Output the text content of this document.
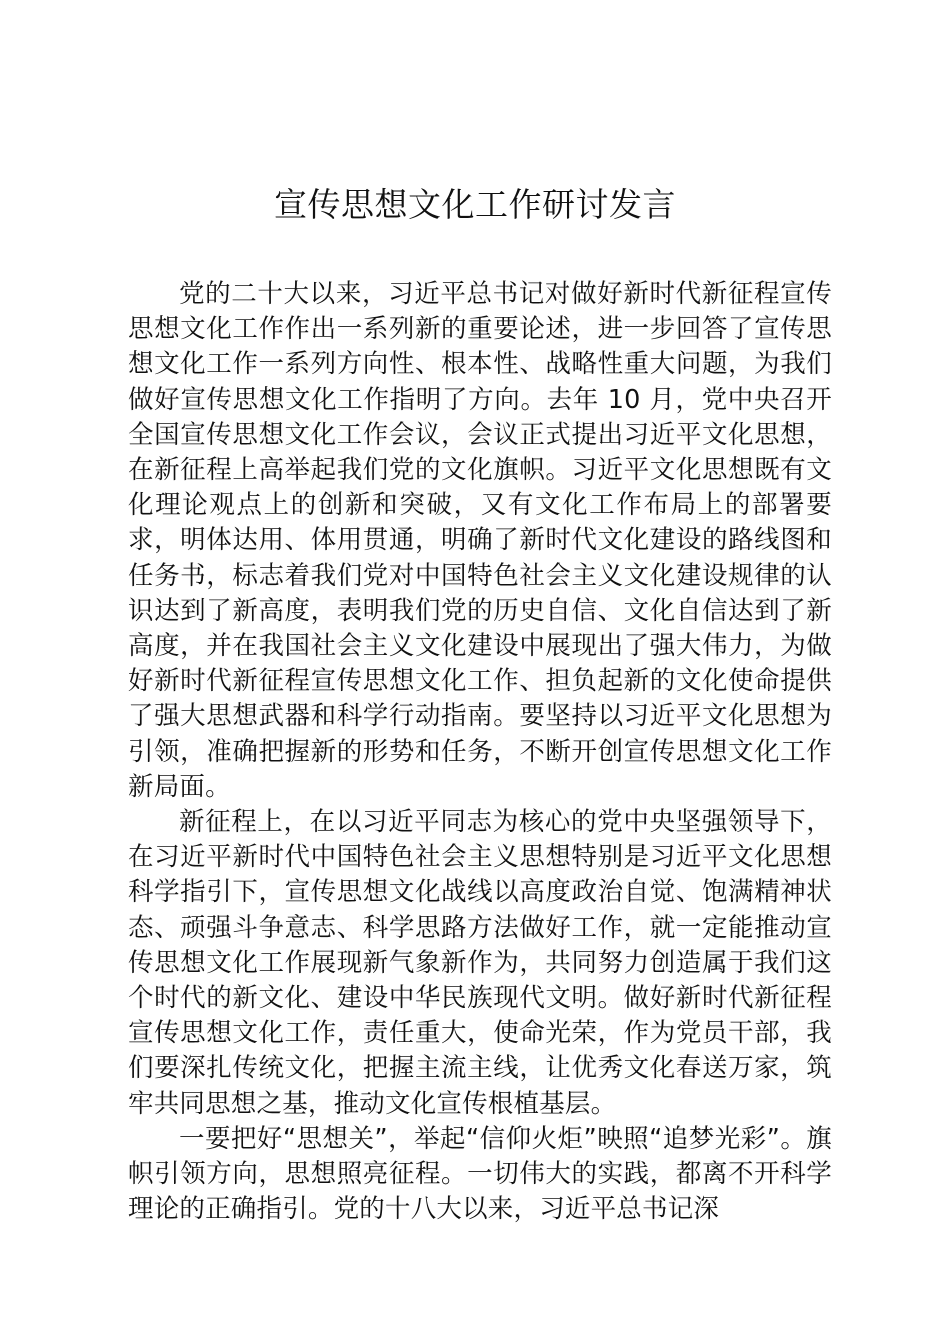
宣传思想文化工作研讨发言

党的二十大以来，习近平总书记对做好新时代新征程宣传思想文化工作作出一系列新的重要论述，进一步回答了宣传思想文化工作一系列方向性、根本性、战略性重大问题，为我们做好宣传思想文化工作指明了方向。去年 10 月，党中央召开全国宣传思想文化工作会议，会议正式提出习近平文化思想，在新征程上高举起我们党的文化旗帜。习近平文化思想既有文化理论观点上的创新和突破，又有文化工作布局上的部署要求，明体达用、体用贯通，明确了新时代文化建设的路线图和任务书，标志着我们党对中国特色社会主义文化建设规律的认识达到了新高度，表明我们党的历史自信、文化自信达到了新高度，并在我国社会主义文化建设中展现出了强大伟力，为做好新时代新征程宣传思想文化工作、担负起新的文化使命提供了强大思想武器和科学行动指南。要坚持以习近平文化思想为引领，准确把握新的形势和任务，不断开创宣传思想文化工作新局面。

新征程上，在以习近平同志为核心的党中央坚强领导下，在习近平新时代中国特色社会主义思想特别是习近平文化思想科学指引下，宣传思想文化战线以高度政治自觉、饱满精神状态、顽强斗争意志、科学思路方法做好工作，就一定能推动宣传思想文化工作展现新气象新作为，共同努力创造属于我们这个时代的新文化、建设中华民族现代文明。做好新时代新征程宣传思想文化工作，责任重大，使命光荣，作为党员干部，我们要深扎传统文化，把握主流主线，让优秀文化春送万家，筑牢共同思想之基，推动文化宣传根植基层。

一要把好“思想关”，举起“信仰火炬”映照“追梦光彩”。旗帜引领方向，思想照亮征程。一切伟大的实践，都离不开科学理论的正确指引。党的十八大以来，习近平总书记深
